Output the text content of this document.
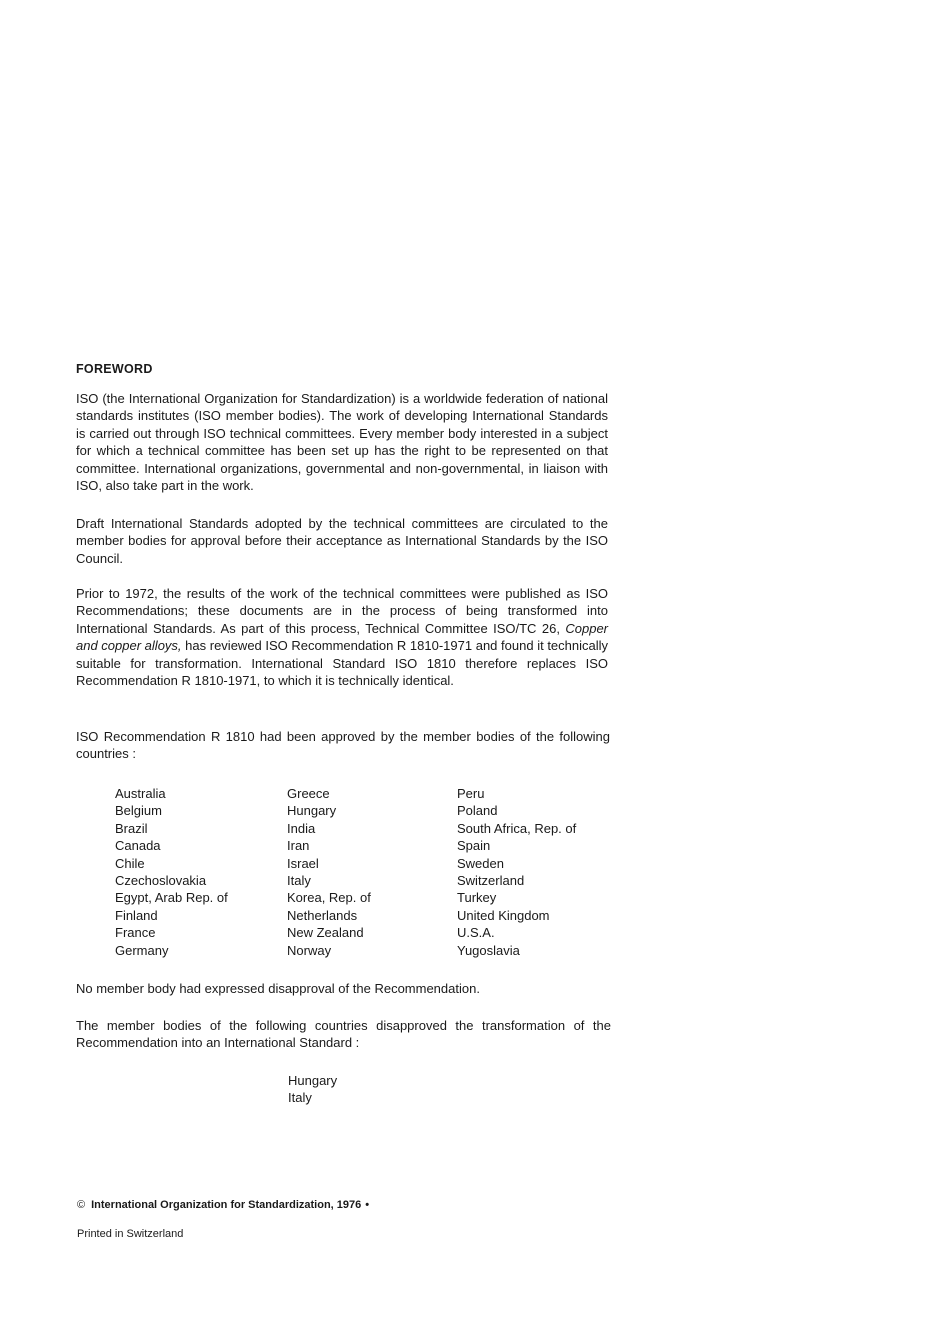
FOREWORD

ISO (the International Organization for Standardization) is a worldwide federation of national standards institutes (ISO member bodies). The work of developing International Standards is carried out through ISO technical committees. Every member body interested in a subject for which a technical committee has been set up has the right to be represented on that committee. International organizations, governmental and non-governmental, in liaison with ISO, also take part in the work.

Draft International Standards adopted by the technical committees are circulated to the member bodies for approval before their acceptance as International Standards by the ISO Council.

Prior to 1972, the results of the work of the technical committees were published as ISO Recommendations; these documents are in the process of being transformed into International Standards. As part of this process, Technical Committee ISO/TC 26, Copper and copper alloys, has reviewed ISO Recommendation R 1810-1971 and found it technically suitable for transformation. International Standard ISO 1810 therefore replaces ISO Recommendation R 1810-1971, to which it is technically identical.

ISO Recommendation R 1810 had been approved by the member bodies of the following countries :

Australia
Belgium
Brazil
Canada
Chile
Czechoslovakia
Egypt, Arab Rep. of
Finland
France
Germany
Greece
Hungary
India
Iran
Israel
Italy
Korea, Rep. of
Netherlands
New Zealand
Norway
Peru
Poland
South Africa, Rep. of
Spain
Sweden
Switzerland
Turkey
United Kingdom
U.S.A.
Yugoslavia

No member body had expressed disapproval of the Recommendation.

The member bodies of the following countries disapproved the transformation of the Recommendation into an International Standard :

Hungary
Italy
© International Organization for Standardization, 1976 •
Printed in Switzerland
